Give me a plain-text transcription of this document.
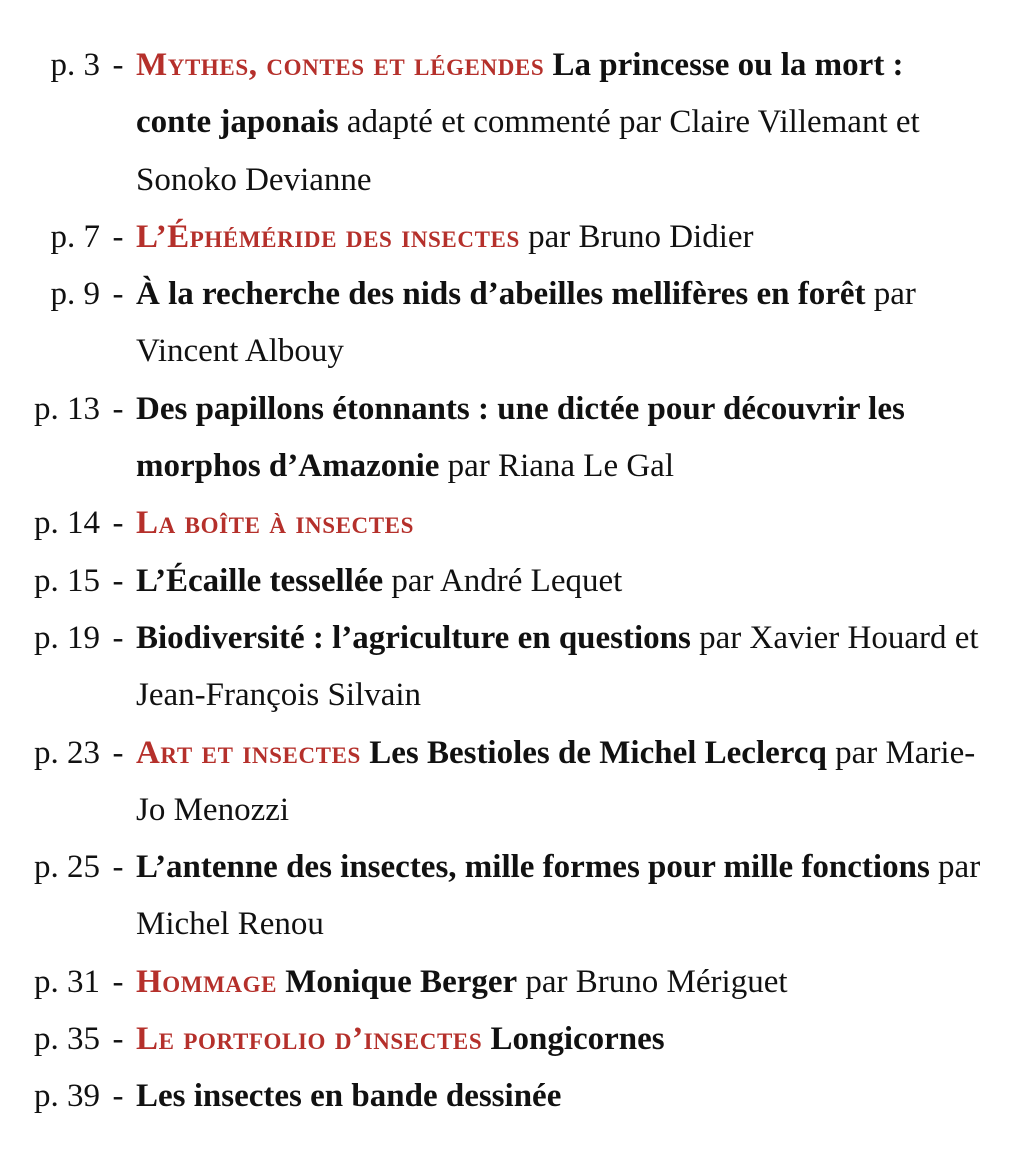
p. 3 - Mythes, contes et légendes La princesse ou la mort : conte japonais adapté et commenté par Claire Villemant et Sonoko Devianne
p. 7 - L’Éphéméride des insectes par Bruno Didier
p. 9 - À la recherche des nids d’abeilles mellifères en forêt par Vincent Albouy
p. 13 - Des papillons étonnants : une dictée pour découvrir les morphos d’Amazonie par Riana Le Gal
p. 14 - La boîte à insectes
p. 15 - L’Écaille tessellée par André Lequet
p. 19 - Biodiversité : l’agriculture en questions par Xavier Houard et Jean-François Silvain
p. 23 - Art et insectes Les Bestioles de Michel Leclercq par Marie-Jo Menozzi
p. 25 - L’antenne des insectes, mille formes pour mille fonctions par Michel Renou
p. 31 - Hommage Monique Berger par Bruno Mériguet
p. 35 - Le portfolio d’insectes Longicornes
p. 39 - Les insectes en bande dessinée
